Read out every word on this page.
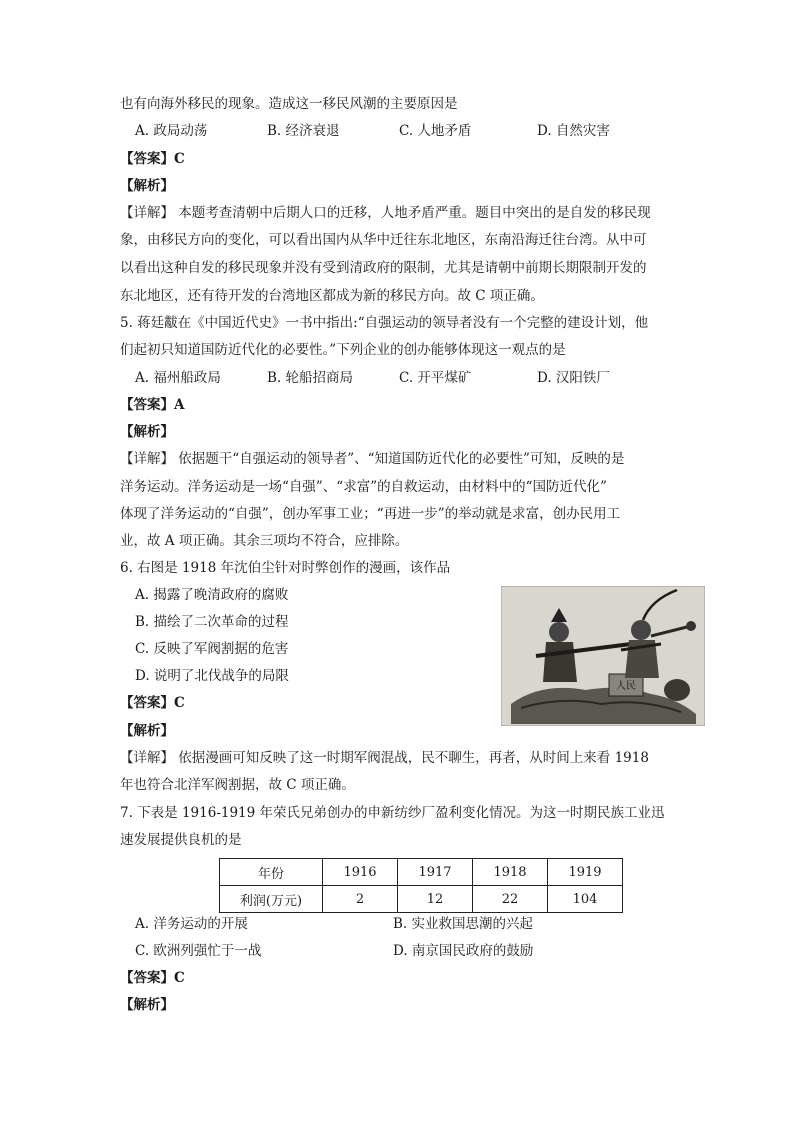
也有向海外移民的现象。造成这一移民风潮的主要原因是
A. 政局动荡	B. 经济衰退	C. 人地矛盾	D. 自然灾害
【答案】C
【解析】
【详解】 本题考查清朝中后期人口的迁移，人地矛盾严重。题目中突出的是自发的移民现
象，由移民方向的变化，可以看出国内从华中迁往东北地区，东南沿海迁往台湾。从中可
以看出这种自发的移民现象并没有受到清政府的限制，尤其是请朝中前期长期限制开发的
东北地区，还有待开发的台湾地区都成为新的移民方向。故 C 项正确。
5. 蒋廷黻在《中国近代史》一书中指出:“自强运动的领导者没有一个完整的建设计划，他
们起初只知道国防近代化的必要性。”下列企业的创办能够体现这一观点的是
A. 福州船政局	B. 轮船招商局	C. 开平煤矿	D. 汉阳铁厂
【答案】A
【解析】
【详解】 依据题干“自强运动的领导者”、“知道国防近代化的必要性”可知，反映的是
洋务运动。洋务运动是一场“自强”、“求富”的自救运动，由材料中的“国防近代化”
体现了洋务运动的“自强”，创办军事工业；“再进一步”的举动就是求富，创办民用工
业，故 A 项正确。其余三项均不符合，应排除。
6. 右图是 1918 年沈伯尘针对时弊创作的漫画，该作品
A. 揭露了晚清政府的腐败
B. 描绘了二次革命的过程
C. 反映了军阀割据的危害
D. 说明了北伐战争的局限
【答案】C
【解析】
【详解】 依据漫画可知反映了这一时期军阀混战，民不聊生，再者，从时间上来看 1918
年也符合北洋军阀割据，故 C 项正确。
人民
7. 下表是 1916-1919 年荣氏兄弟创办的申新纺纱厂盈利变化情况。为这一时期民族工业迅
速发展提供良机的是
年份	1916	1917	1918	1919
利润(万元)	2	12	22	104
A. 洋务运动的开展	B. 实业救国思潮的兴起
C. 欧洲列强忙于一战	D. 南京国民政府的鼓励
【答案】C
【解析】
